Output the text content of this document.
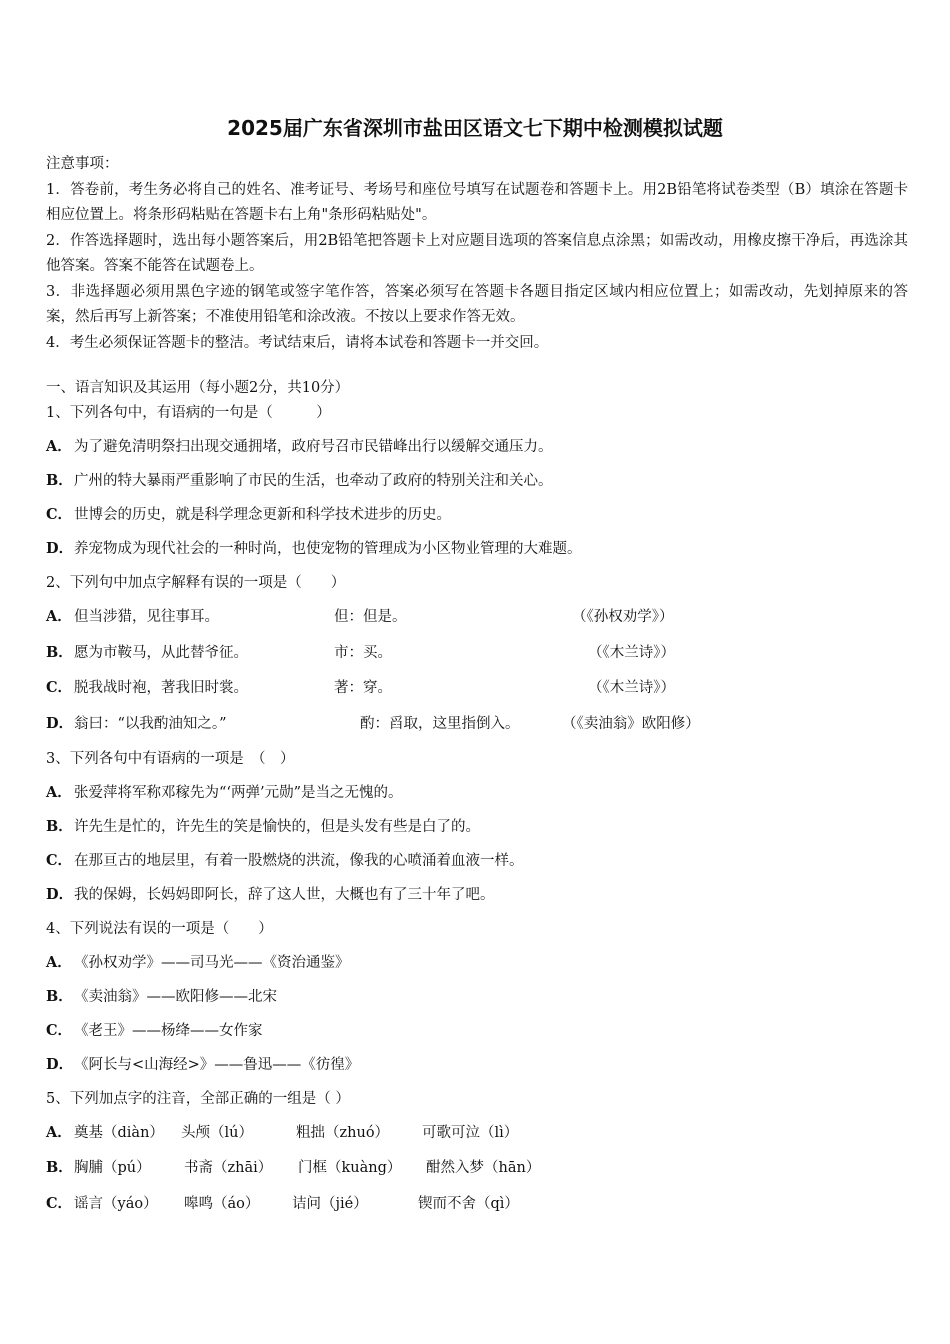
2025届广东省深圳市盐田区语文七下期中检测模拟试题

注意事项：

1．答卷前，考生务必将自己的姓名、准考证号、考场号和座位号填写在试题卷和答题卡上。用2B铅笔将试卷类型（B）填涂在答题卡相应位置上。将条形码粘贴在答题卡右上角"条形码粘贴处"。

2．作答选择题时，选出每小题答案后，用2B铅笔把答题卡上对应题目选项的答案信息点涂黑；如需改动，用橡皮擦干净后，再选涂其他答案。答案不能答在试题卷上。

3．非选择题必须用黑色字迹的钢笔或签字笔作答，答案必须写在答题卡各题目指定区域内相应位置上；如需改动，先划掉原来的答案，然后再写上新答案；不准使用铅笔和涂改液。不按以上要求作答无效。

4．考生必须保证答题卡的整洁。考试结束后，请将本试卷和答题卡一并交回。

一、语言知识及其运用（每小题2分，共10分）
1、下列各句中，有语病的一句是（　　　）
A． 为了避免清明祭扫出现交通拥堵，政府号召市民错峰出行以缓解交通压力。
B．广州的特大暴雨严重影响了市民的生活，也牵动了政府的特别关注和关心。
C． 世博会的历史，就是科学理念更新和科学技术进步的历史。
D．养宠物成为现代社会的一种时尚，也使宠物的管理成为小区物业管理的大难题。
2、下列句中加点字解释有误的一项是（　　）
A． 但当涉猎，见往事耳。	但：但是。	（《孙权劝学》）
B．愿为市鞍马，从此替爷征。	市：买。	（《木兰诗》）
C． 脱我战时袍，著我旧时裳。	著：穿。	（《木兰诗》）
D．翁曰：“以我酌油知之。”	酌：舀取，这里指倒入。	（《卖油翁》欧阳修）
3、下列各句中有语病的一项是　（　）
A． 张爱萍将军称邓稼先为“‘两弹’元勋”是当之无愧的。
B．许先生是忙的，许先生的笑是愉快的，但是头发有些是白了的。
C． 在那亘古的地层里，有着一股燃烧的洪流，像我的心喷涌着血液一样。
D．我的保姆，长妈妈即阿长，辞了这人世，大概也有了三十年了吧。
4、下列说法有误的一项是（　　）
A． 《孙权劝学》——司马光——《资治通鉴》
B．《卖油翁》——欧阳修——北宋
C． 《老王》——杨绛——女作家
D．《阿长与<山海经>》——鲁迅——《彷徨》
5、下列加点字的注音，全部正确的一组是（ ）
A． 奠基（diàn） 头颅（lú）	粗拙（zhuó） 可歌可泣（lì）
B．胸脯（pú） 书斋（zhāi） 门框（kuàng） 酣然入梦（hān）
C． 谣言（yáo） 嗥鸣（áo） 诘问（jié）	锲而不舍（qì）
